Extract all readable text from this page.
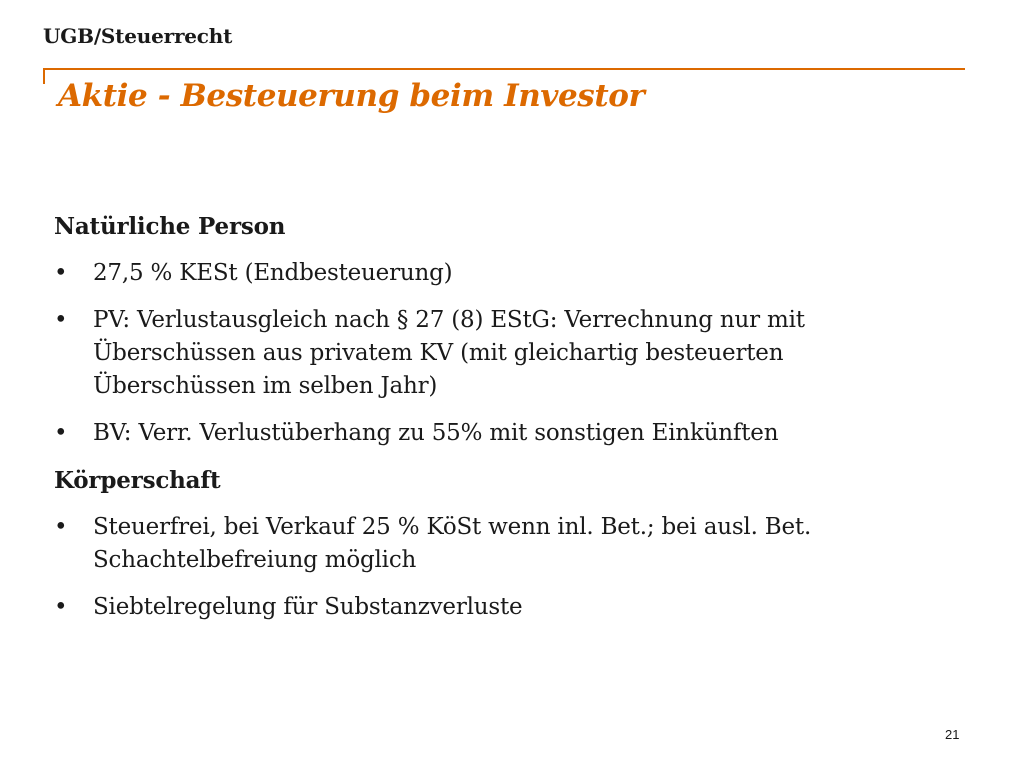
UGB/Steuerrecht
Aktie - Besteuerung beim Investor
Natürliche Person
• 27,5 % KESt (Endbesteuerung)
• PV: Verlustausgleich nach § 27 (8) EStG: Verrechnung nur mit Überschüssen aus privatem KV (mit gleichartig besteuerten Überschüssen im selben Jahr)
• BV: Verr. Verlustüberhang zu 55% mit sonstigen Einkünften
Körperschaft
• Steuerfrei, bei Verkauf 25 % KöSt wenn inl. Bet.; bei ausl. Bet. Schachtelbefreiung möglich
• Siebtelregelung für Substanzverluste
21
